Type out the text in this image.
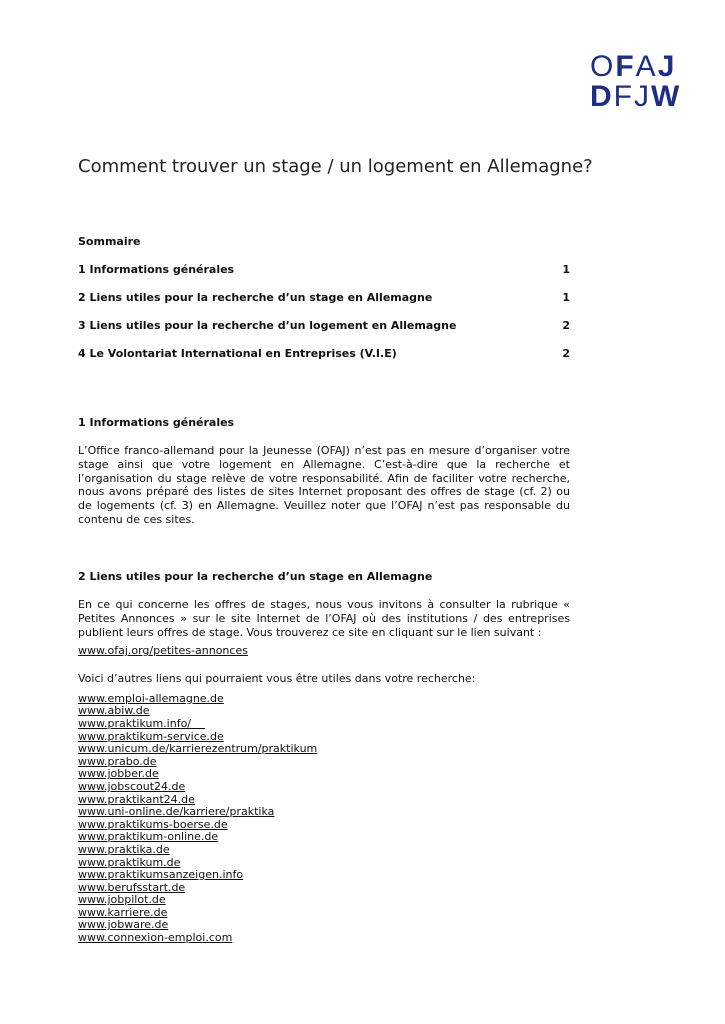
OFAJ
DFJW
Comment trouver un stage / un logement en Allemagne?
Sommaire
1 Informations générales	1
2 Liens utiles pour la recherche d’un stage en Allemagne	1
3 Liens utiles pour la recherche d’un logement en Allemagne	2
4 Le Volontariat International en Entreprises (V.I.E)	2
1 Informations générales

L’Office franco-allemand pour la Jeunesse (OFAJ) n’est pas en mesure d’organiser votre stage ainsi que votre logement en Allemagne. C’est-à-dire que la recherche et l’organisation du stage relève de votre responsabilité. Afin de faciliter votre recherche, nous avons préparé des listes de sites Internet proposant des offres de stage (cf. 2) ou de logements (cf. 3) en Allemagne. Veuillez noter que l’OFAJ n’est pas responsable du contenu de ces sites.

2 Liens utiles pour la recherche d’un stage en Allemagne

En ce qui concerne les offres de stages, nous vous invitons à consulter la rubrique « Petites Annonces » sur le site Internet de l’OFAJ où des institutions / des entreprises publient leurs offres de stage. Vous trouverez ce site en cliquant sur le lien suivant :

www.ofaj.org/petites-annonces

Voici d’autres liens qui pourraient vous être utiles dans votre recherche:

www.emploi-allemagne.de
www.abiw.de
www.praktikum.info/
www.praktikum-service.de
www.unicum.de/karrierezentrum/praktikum
www.prabo.de
www.jobber.de
www.jobscout24.de
www.praktikant24.de
www.uni-online.de/karriere/praktika
www.praktikums-boerse.de
www.praktikum-online.de
www.praktika.de
www.praktikum.de
www.praktikumsanzeigen.info
www.berufsstart.de
www.jobpilot.de
www.karriere.de
www.jobware.de
www.connexion-emploi.com
